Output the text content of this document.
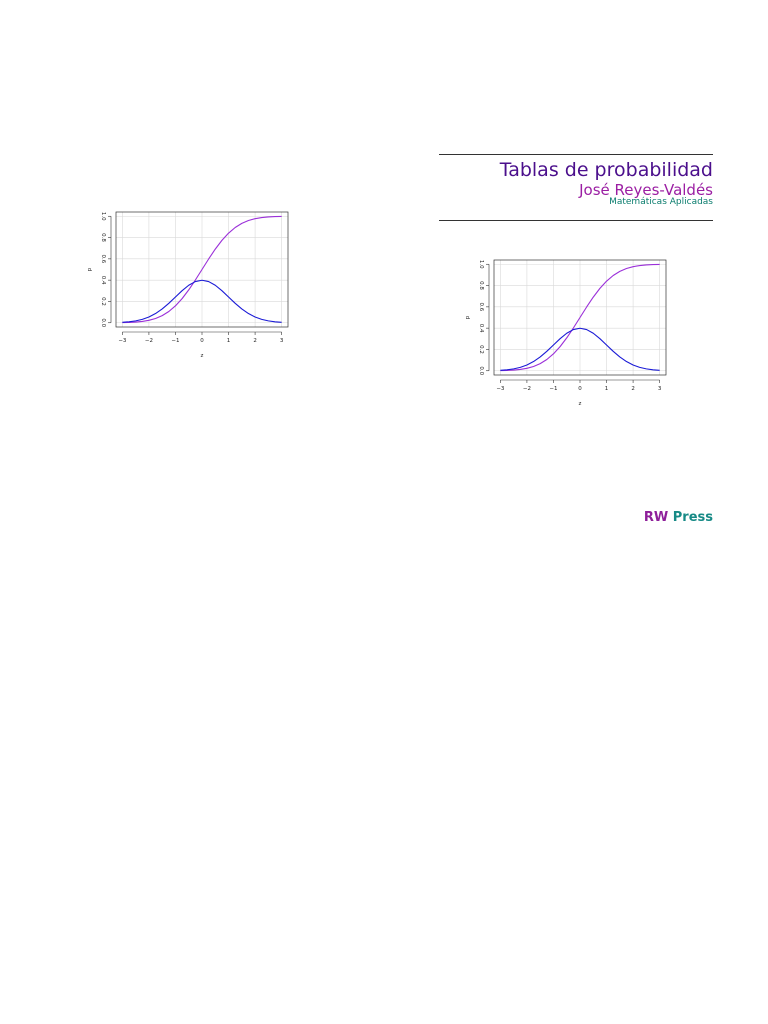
−3	−2	−1	0	1	2	3
z
0.0
0.2
0.4
0.6
0.8
1.0
p
Tablas de probabilidad
José Reyes-Valdés
Matemáticas Aplicadas
−3	−2	−1	0	1	2	3
z
0.0
0.2
0.4
0.6
0.8
1.0
p
RW Press
